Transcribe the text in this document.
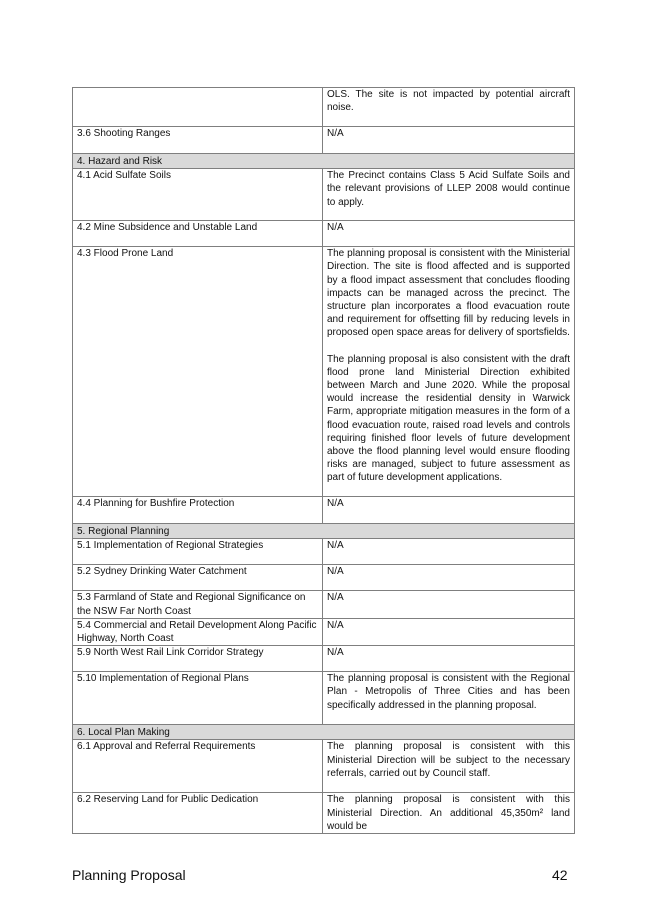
	OLS. The site is not impacted by potential aircraft noise.
3.6 Shooting Ranges	N/A
4. Hazard and Risk	
4.1 Acid Sulfate Soils	The Precinct contains Class 5 Acid Sulfate Soils and the relevant provisions of LLEP 2008 would continue to apply.
4.2 Mine Subsidence and Unstable Land	N/A
4.3 Flood Prone Land	The planning proposal is consistent with the Ministerial Direction. The site is flood affected and is supported by a flood impact assessment that concludes flooding impacts can be managed across the precinct. The structure plan incorporates a flood evacuation route and requirement for offsetting fill by reducing levels in proposed open space areas for delivery of sportsfields.
The planning proposal is also consistent with the draft flood prone land Ministerial Direction exhibited between March and June 2020. While the proposal would increase the residential density in Warwick Farm, appropriate mitigation measures in the form of a flood evacuation route, raised road levels and controls requiring finished floor levels of future development above the flood planning level would ensure flooding risks are managed, subject to future assessment as part of future development applications.

4.4 Planning for Bushfire Protection	N/A
5. Regional Planning	
5.1 Implementation of Regional Strategies	N/A
5.2 Sydney Drinking Water Catchment	N/A
5.3 Farmland of State and Regional Significance on the NSW Far North Coast	N/A
5.4 Commercial and Retail Development Along Pacific Highway, North Coast	N/A
5.9 North West Rail Link Corridor Strategy	N/A
5.10 Implementation of Regional Plans	The planning proposal is consistent with the Regional Plan - Metropolis of Three Cities and has been specifically addressed in the planning proposal.
6. Local Plan Making	
6.1 Approval and Referral Requirements	The planning proposal is consistent with this Ministerial Direction will be subject to the necessary referrals, carried out by Council staff.
6.2 Reserving Land for Public Dedication	The planning proposal is consistent with this Ministerial Direction. An additional 45,350m² land would be
Planning Proposal	42
